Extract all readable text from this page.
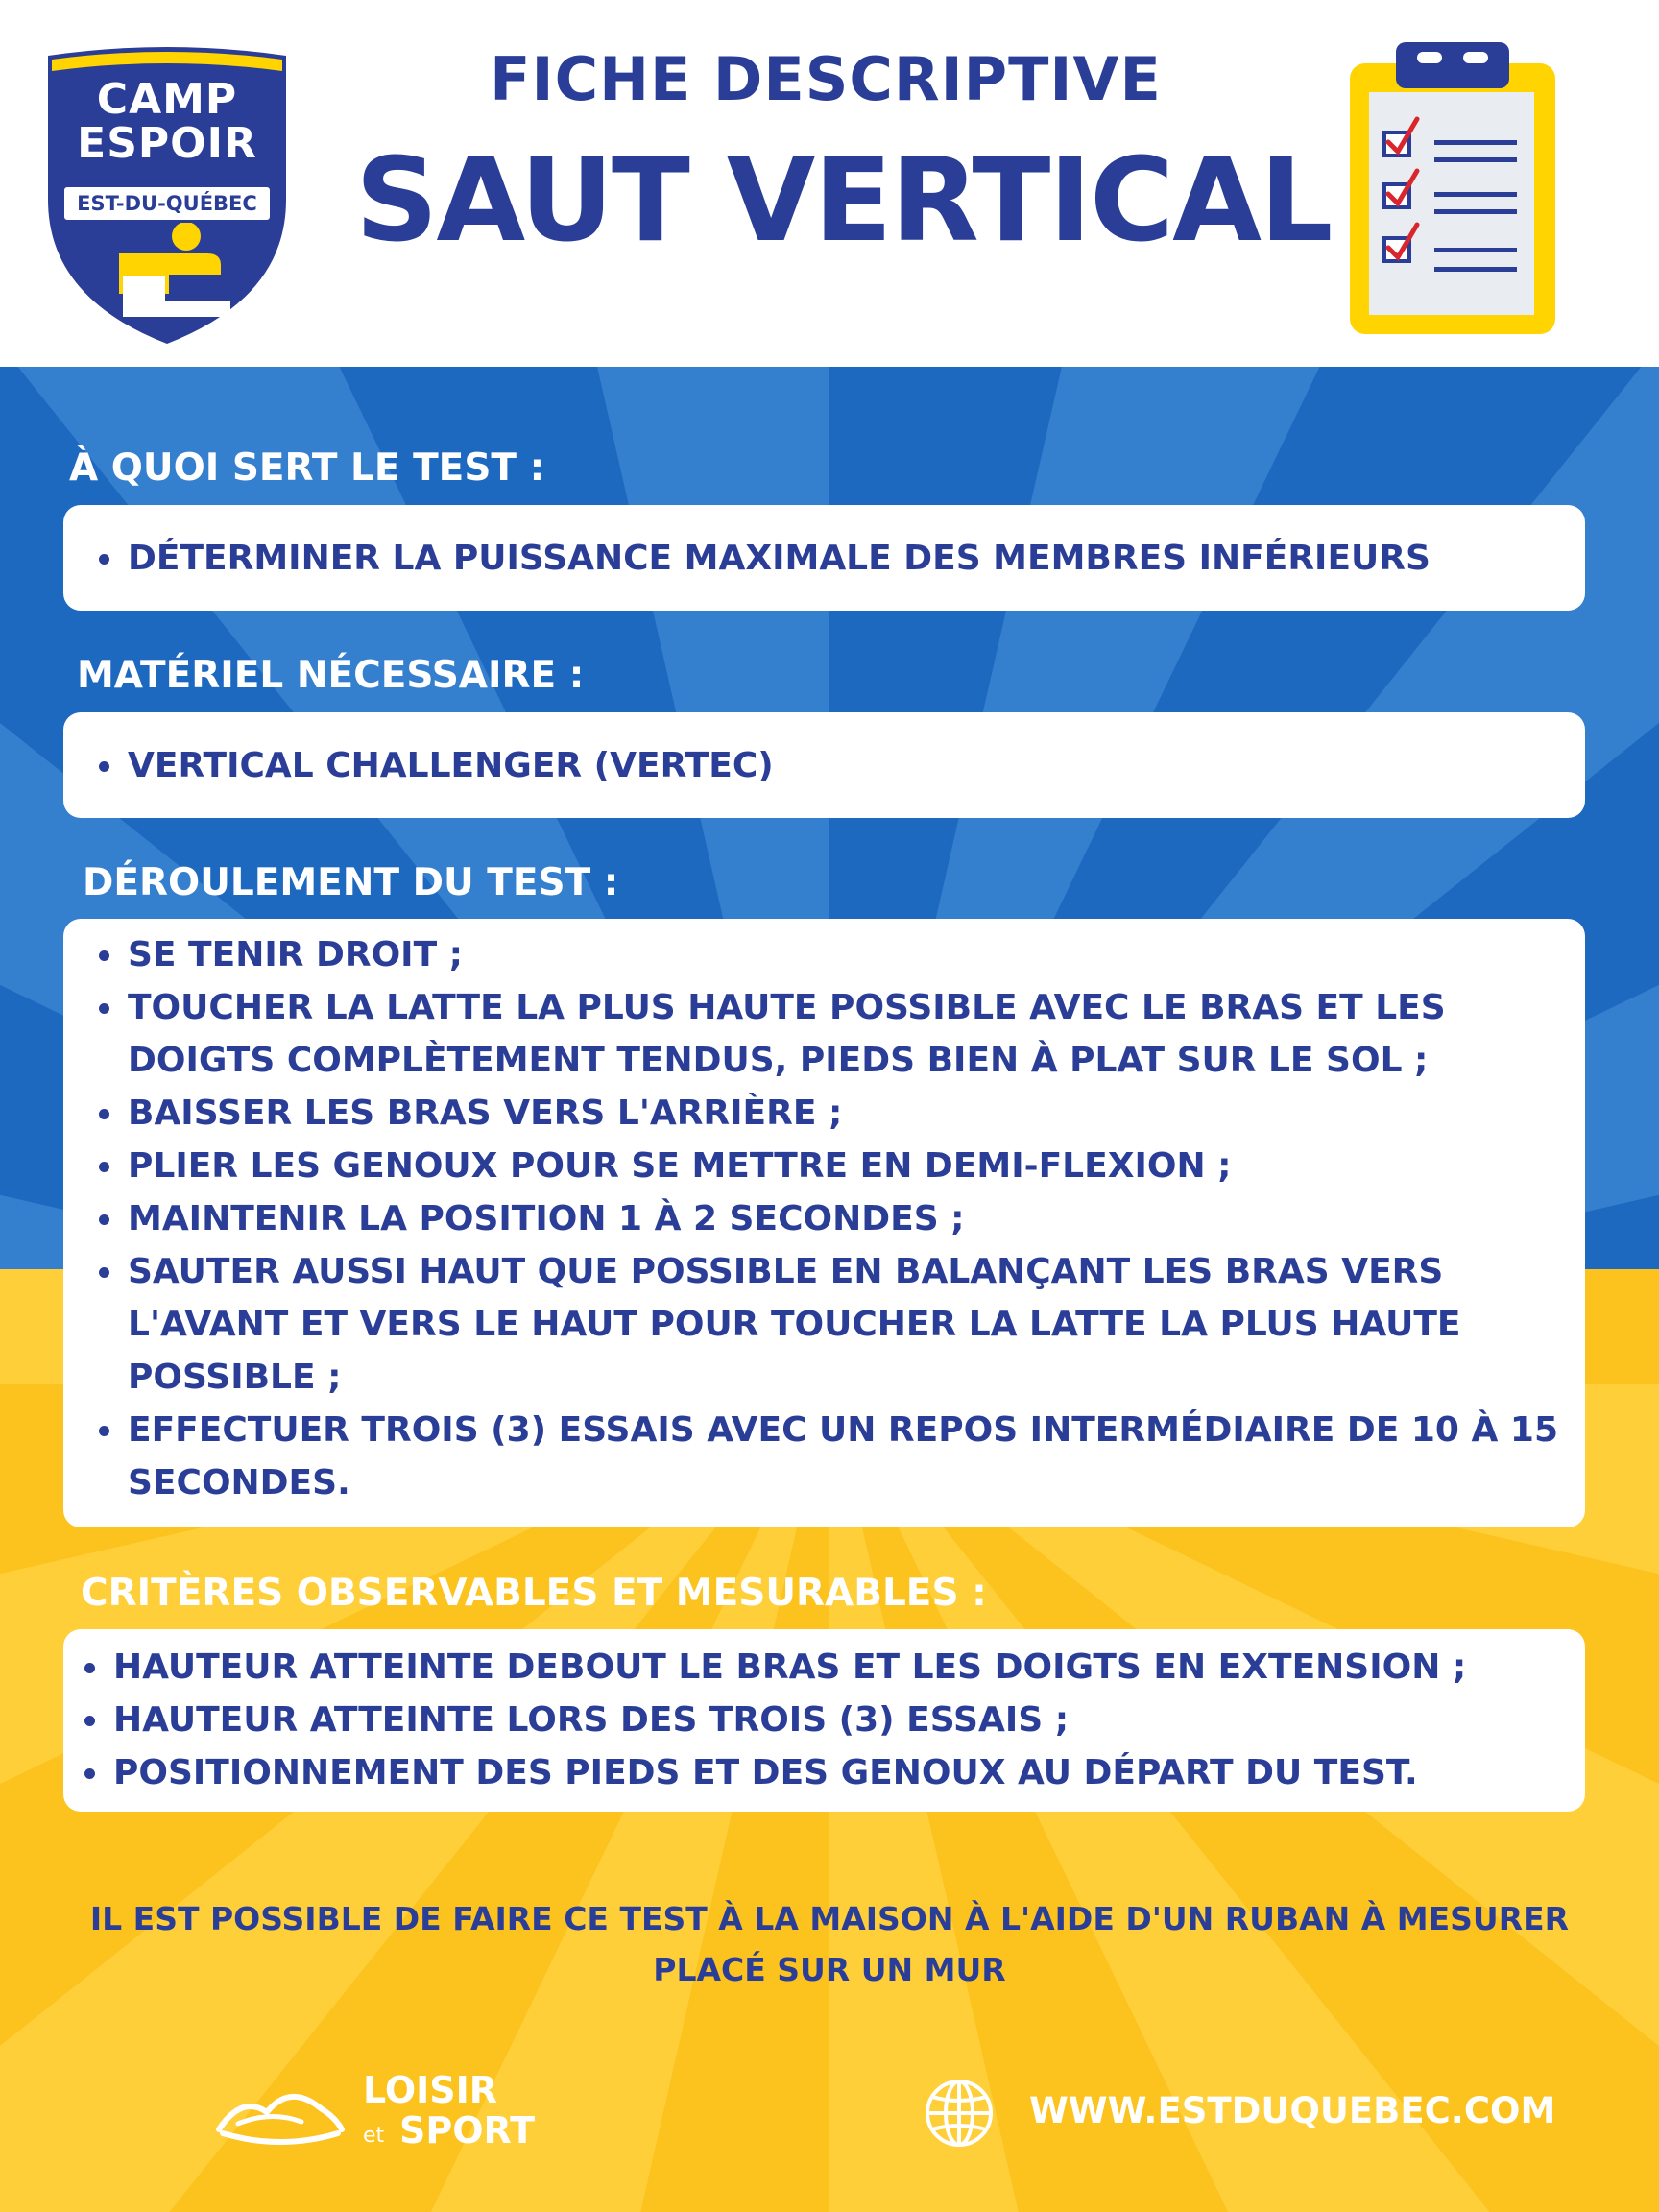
CAMP
ESPOIR
EST-DU-QUÉBEC
FICHE DESCRIPTIVE
SAUT VERTICAL
À QUOI SERT LE TEST :
DÉTERMINER LA PUISSANCE MAXIMALE DES MEMBRES INFÉRIEURS
MATÉRIEL NÉCESSAIRE :
VERTICAL CHALLENGER (VERTEC)
DÉROULEMENT DU TEST :
SE TENIR DROIT ;
TOUCHER LA LATTE LA PLUS HAUTE POSSIBLE AVEC LE BRAS ET LES DOIGTS COMPLÈTEMENT TENDUS, PIEDS BIEN À PLAT SUR LE SOL ;
BAISSER LES BRAS VERS L'ARRIÈRE ;
PLIER LES GENOUX POUR SE METTRE EN DEMI-FLEXION ;
MAINTENIR LA POSITION 1 À 2 SECONDES ;
SAUTER AUSSI HAUT QUE POSSIBLE EN BALANÇANT LES BRAS VERS L'AVANT ET VERS LE HAUT POUR TOUCHER LA LATTE LA PLUS HAUTE POSSIBLE ;
EFFECTUER TROIS (3) ESSAIS AVEC UN REPOS INTERMÉDIAIRE DE 10 À 15 SECONDES.
CRITÈRES OBSERVABLES ET MESURABLES :
HAUTEUR ATTEINTE DEBOUT LE BRAS ET LES DOIGTS EN EXTENSION ;
HAUTEUR ATTEINTE LORS DES TROIS (3) ESSAIS ;
POSITIONNEMENT DES PIEDS ET DES GENOUX AU DÉPART DU TEST.
IL EST POSSIBLE DE FAIRE CE TEST À LA MAISON À L'AIDE D'UN RUBAN À MESURER PLACÉ SUR UN MUR
LOISIR
et SPORT	WWW.ESTDUQUEBEC.COM
